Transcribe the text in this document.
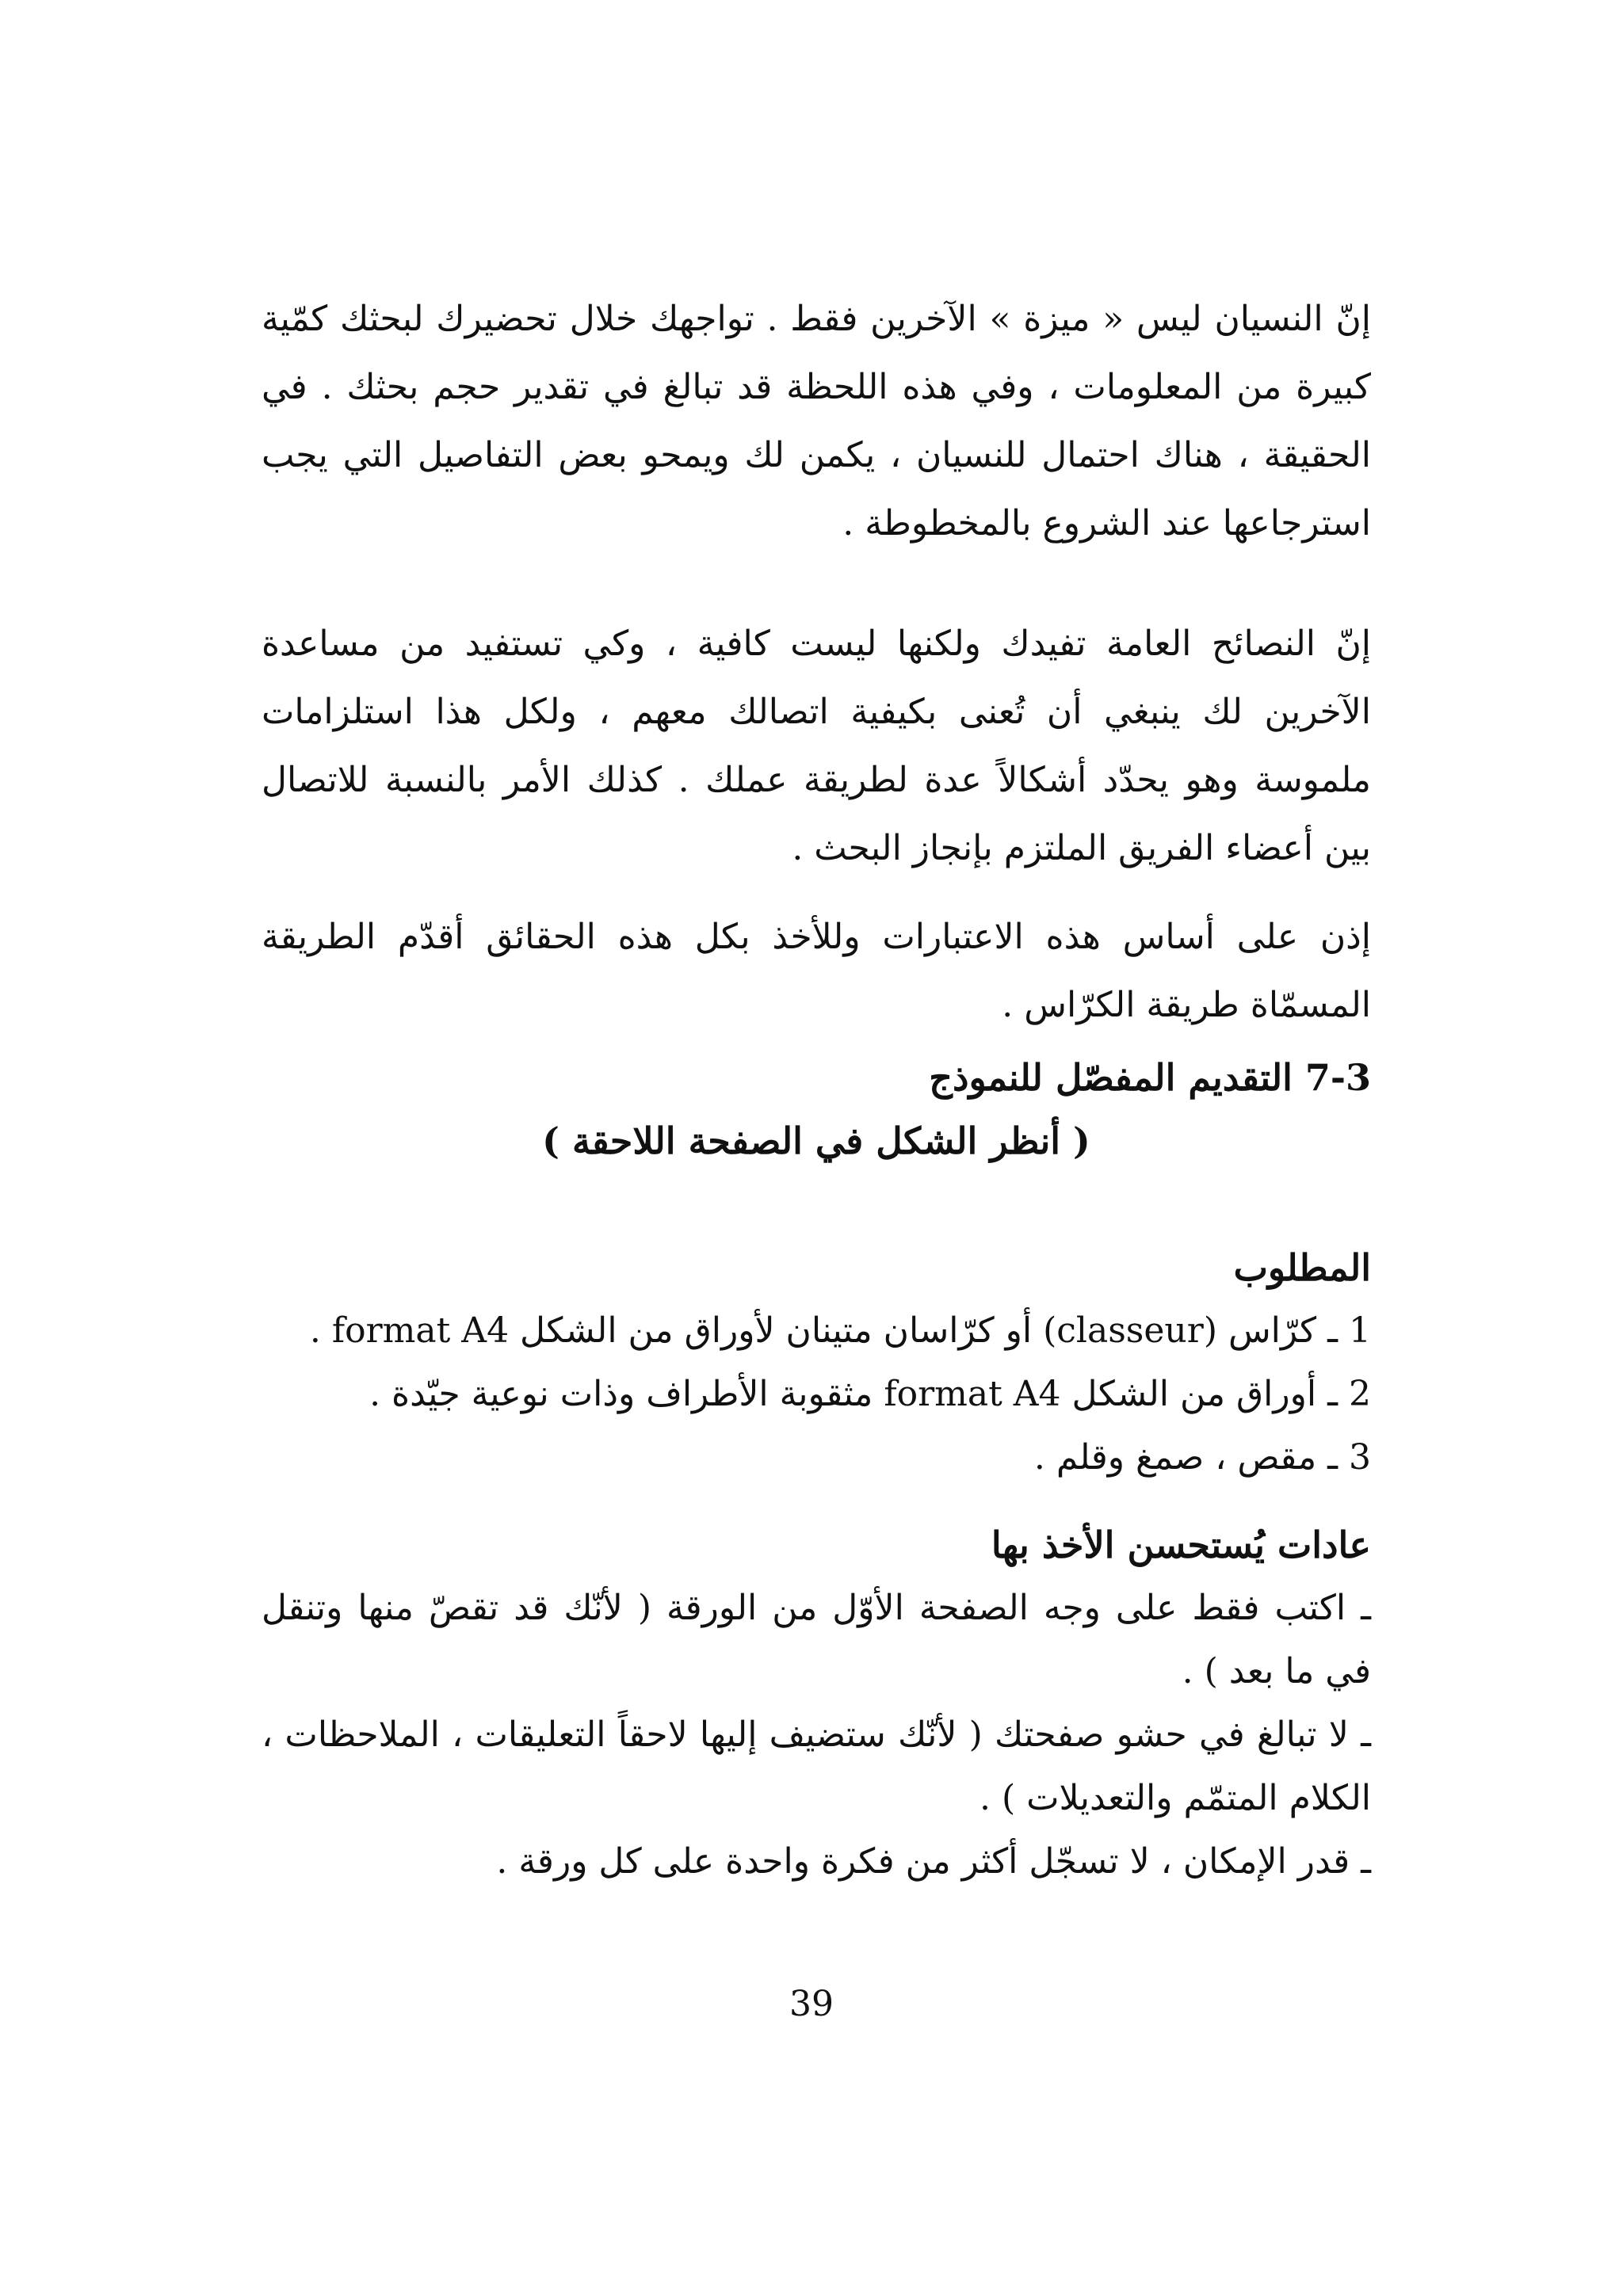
إنّ النسيان ليس « ميزة » الآخرين فقط . تواجهك خلال تحضيرك لبحثك كمّية كبيرة من المعلومات ، وفي هذه اللحظة قد تبالغ في تقدير حجم بحثك . في الحقيقة ، هناك احتمال للنسيان ، يكمن لك ويمحو بعض التفاصيل التي يجب استرجاعها عند الشروع بالمخطوطة .

إنّ النصائح العامة تفيدك ولكنها ليست كافية ، وكي تستفيد من مساعدة الآخرين لك ينبغي أن تُعنى بكيفية اتصالك معهم ، ولكل هذا استلزامات ملموسة وهو يحدّد أشكالاً عدة لطريقة عملك . كذلك الأمر بالنسبة للاتصال بين أعضاء الفريق الملتزم بإنجاز البحث .

إذن على أساس هذه الاعتبارات وللأخذ بكل هذه الحقائق أقدّم الطريقة المسمّاة طريقة الكرّاس .

7-3 التقديم المفصّل للنموذج
( أنظر الشكل في الصفحة اللاحقة )
المطلوب
1 ـ كرّاس (classeur) أو كرّاسان متينان لأوراق من الشكل format A4 .
2 ـ أوراق من الشكل format A4 مثقوبة الأطراف وذات نوعية جيّدة .
3 ـ مقص ، صمغ وقلم .
عادات يُستحسن الأخذ بها
ـ اكتب فقط على وجه الصفحة الأوّل من الورقة ( لأنّك قد تقصّ منها وتنقل في ما بعد ) .
ـ لا تبالغ في حشو صفحتك ( لأنّك ستضيف إليها لاحقاً التعليقات ، الملاحظات ، الكلام المتمّم والتعديلات ) .
ـ قدر الإمكان ، لا تسجّل أكثر من فكرة واحدة على كل ورقة .
39
